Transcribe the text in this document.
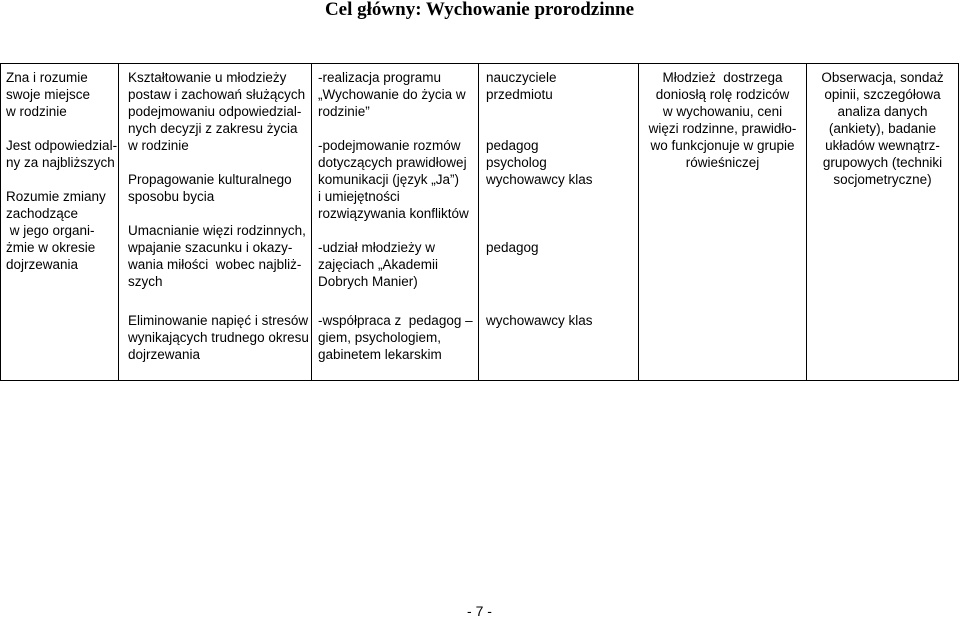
Cel główny: Wychowanie prorodzinne

Zna i rozumie
swoje miejsce
w rodzinie

Jest odpowiedzial-
ny za najbliższych

Rozumie zmiany
zachodzące
w jego organi-
żmie w okresie
dojrzewania

Kształtowanie u młodzieży
postaw i zachowań służących
podejmowaniu odpowiedzial-
nych decyzji z zakresu życia
w rodzinie

Propagowanie kulturalnego
sposobu bycia

Umacnianie więzi rodzinnych,
wpajanie szacunku i okazy-
wania miłości  wobec najbliż-
szych

-realizacja programu
„Wychowanie do życia w
rodzinie”

-podejmowanie rozmów
dotyczących prawidłowej
komunikacji (język „Ja”)
i umiejętności
rozwiązywania konfliktów

-udział młodzieży w
zajęciach „Akademii
Dobrych Manier)

nauczyciele
przedmiotu

pedagog
psycholog
wychowawcy klas

pedagog

Młodzież  dostrzega
doniosłą rolę rodziców
w wychowaniu, ceni
więzi rodzinne, prawidło-
wo funkcjonuje w grupie
rówieśniczej

Obserwacja, sondaż
opinii, szczegółowa
analiza danych
(ankiety), badanie
układów wewnątrz-
grupowych (techniki
socjometryczne)

Eliminowanie napięć i stresów
wynikających trudnego okresu
dojrzewania

-współpraca z  pedagog –
giem, psychologiem,
gabinetem lekarskim

wychowawcy klas

- 7 -
